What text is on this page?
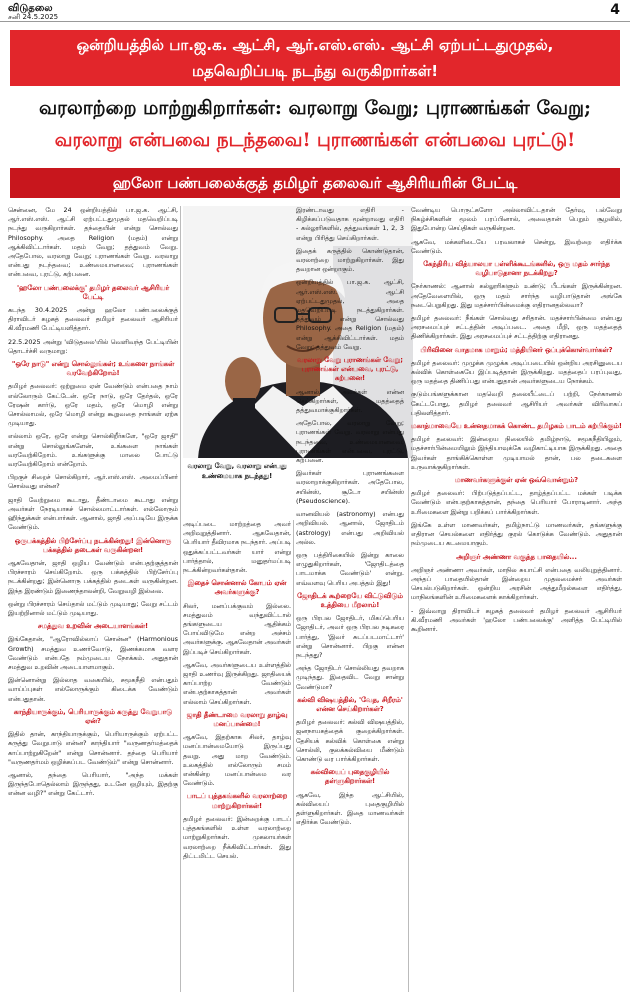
விடுதலை
சனி 24.5.2025	4
ஒன்றியத்தில் பா.ஜ.க. ஆட்சி, ஆர்.எஸ்.எஸ். ஆட்சி ஏற்பட்டதுமுதல்,
மதவெறிப்படி நடந்து வருகிறார்கள்!
வரலாற்றை மாற்றுகிறார்கள்: வரலாறு வேறு; புராணங்கள் வேறு;
வரலாறு என்பவை நடந்தவை! புராணங்கள் என்பவை புரட்டு!
ஹலோ பண்பலைக்குத் தமிழர் தலைவர் ஆசிரியரின் பேட்டி
வரலாறு வேறு, வரலாறு என்பது உண்மையாக நடந்தது!

சென்னை, மே 24 ஒன்றியத்தில் பா.ஜ.க. ஆட்சி, ஆர்.எஸ்.எஸ். ஆட்சி ஏற்பட்டதுமுதல் மதவெறிப்படி நடந்து வருகிறார்கள். தந்தையின் என்று சொல்வது Philosophy. அதை Religion (மதம்) என்று ஆக்கிவிட்டார்கள். மதம் வேறு; தத்துவம் வேறு. அதேபோல, வரலாறு வேறு; புராணங்கள் வேறு. வரலாறு என்பது நடந்தவை; உண்மையானவை; புராணங்கள் என்பவை, புரட்டு, கற்பனை.

'ஹலோ பண்பலைக்கு' தமிழர் தலைவர் ஆசிரியர் பேட்டி

கடந்த 30.4.2025 அன்று ஹலோ பண்பலைக்குத் திராவிடர் கழகத் தலைவர் தமிழர் தலைவர் ஆசிரியர் கி.வீரமணி பேட்டியளித்தார்.

22.5.2025 அன்று 'விடுதலை'யில் வெளிவந்த பேட்டியின் தொடர்ச்சி வருமாறு:

"ஒரே நாடு" என்று சொல்லுங்கள்; உங்களை நாங்கள் வரவேற்கிறோம்!

தமிழர் தலைவர்: ஒற்றுமை ஏன் வேண்டும் என்பதை நாம் எல்லோரும் கேட்டேன். ஒரே நாடு, ஒரே தேர்தல், ஒரே ரேஷன் கார்டு, ஒரே மதம், ஒரே மொழி என்று சொல்லாமல், ஒரே மொழி என்று கூறுவதை நாங்கள் ஏற்க முடியாது.

எல்லாம் ஒரே, ஒரே என்று சொல்கிறீர்களே, "ஒரே ஜாதி" என்று சொல்லுங்களேன், உங்களை நாங்கள் வரவேற்கிறோம். உங்களுக்கு மாலை போட்டு வரவேற்கிறோம் என்றோம்.

பிறகுச் சிறைச் சொல்கிறார், ஆர்.எஸ்.எஸ். அமைப்பினர் சொல்வது என்ன?

ஜாதி வேற்றுமை கூடாது, தீண்டாமை கூடாது என்று அவர்கள் நேரடியாகச் சொல்லமாட்டார்கள். எல்லோரும் ஹிந்துக்கள் என்பார்கள். ஆனால், ஜாதி அப்படியே இருக்க வேண்டும்.

ஒருபக்கத்தில் பிற்சேர்ப்பு நடக்கின்றது! இன்னொரு பக்கத்தில் தடைகள் வருகின்றன!

ஆகவேதான், ஜாதி ஒழிய வேண்டும் என்பதற்குத்தான் பிரச்சாரம் செய்கிறோம். ஒரு பக்கத்தில் பிற்சேர்ப்பு நடக்கின்றது; இன்னொரு பக்கத்தில் தடைகள் வருகின்றன. இந்த இரண்டும் இணைந்தாலன்றி, வேறுவழி இல்லை.

ஒன்று பிரச்சாரம் செய்தால் மட்டும் முடியாது; வேறு சட்டம் இயற்றினால் மட்டும் முடியாது.

சமத்துவ உறவின் அடையாளங்கள்!

இங்கேதான், "ஆரோவில்லாப் சொன்ன" (Harmonious Growth) சமத்துவ உணர்வோடு, இணக்கமாக வளர வேண்டும் என்பதே நம்முடைய நோக்கம். அதுதான் சமத்துவ உறவின் அடையாளமாகும்.

இன்னொன்று இல்லாத வகையில், சமூகநீதி என்பதும் வாய்ப்புகள் எல்லோருக்கும் கிடைக்க வேண்டும் என்பதுதான்.

காந்தியாருக்கும், பெரியாருக்கும் கருத்து வேறுபாடு ஏன்?

இதில் தான், காந்தியாருக்கும், பெரியாருக்கும் ஏற்பட்ட கருத்து வேறுபாடு என்ன? காந்தியார் "வருணதர்மத்தைக் காப்பாற்றுகிறேன்" என்று சொன்னார். தந்தை பெரியார் "வருணதர்மம் ஒழிக்கப்பட வேண்டும்" என்று சொன்னார்.

ஆனால், தந்தை பெரியார், "அந்த மக்கள் இருந்தபோதெல்லாம் இருந்தது, உடனே ஒழியும், இதற்கு என்ன வழி?" என்று கேட்டார்.

அடிப்படை மாற்றத்தை அவர் அறிவுறுத்தினார். ஆகவேதான், பெரியார் தீவிரமாக நடந்தார். அப்படி ஒதுக்கப்பட்டவர்கள் யார் என்று பார்த்தால், மனுதர்மப்படி நடக்கின்றவர்கள்தான்.

இதைச் சொன்னால் கோபம் ஏன் அவர்களுக்கு?

சிலர், மனப்பக்குவம் இல்லை. சமத்துவம் வந்துவிட்டால் தங்களுடைய ஆதிக்கம் போய்விடுமே என்ற அச்சம் அவர்களுக்கு. ஆகவேதான் அவர்கள் இப்படிச் செய்கிறார்கள்.

ஆகவே, அவர்களுடைய உள்ளத்தில் ஜாதி உணர்வு இருக்கிறது. ஜாதியைக் காப்பாற்ற வேண்டும் என்பதற்காகத்தான் அவர்கள் எல்லாம் செய்கிறார்கள்.

ஜாதி தீண்டாமை வரலாறு தாழ்வு மனப்பான்மை!

ஆகவே, இதற்காக சிலர், தாழ்வு மனப்பான்மையோடு இருப்பது தவறு. அது மாற வேண்டும். உலகத்தில் எல்லோரும் சமம் என்கின்ற மனப்பான்மை வர வேண்டும்.

பாடப் புத்தகங்களில் வரலாற்றை மாற்றுகிறார்கள்!

தமிழர் தலைவர்: இன்றைக்கு பாடப் புத்தகங்களில் உள்ள வரலாற்றை மாற்றுகிறார்கள். முகலாயர்கள் வரலாற்றை நீக்கிவிட்டார்கள். இது திட்டமிட்ட செயல்.

இரண்டாவது எதிரி - கிழிக்கப்படுவதாக மூன்றாவது எதிரி - கல்லூரிகளில், தத்துவங்கள் 1, 2, 3 என்று பிரித்து செய்கிறார்கள்.

இதைக் கருத்தில் கொண்டுதான், வரலாற்றை மாற்றுகிறார்கள். இது தவறான ஒன்றாகும்.

ஒன்றியத்தில் பா.ஜ.க. ஆட்சி, ஆர்.எஸ்.எஸ். ஆட்சி ஏற்பட்டதுமுதல், அதை மதவெறிப்படி நடத்துகிறார்கள். தத்துவம் என்று சொல்வது Philosophy. அதை Religion (மதம்) என்று ஆக்கிவிட்டார்கள். மதம் வேறு; தத்துவம் வேறு.

வரலாறு வேறு புராணங்கள் வேறு; புராணங்கள் என்பவை, புரட்டு, கற்பனை!

ஆனால், அவர்கள் என்ன செய்கிறார்கள், மதத்தைத் தத்துவமாக்குகிறார்கள்.

அதேபோல, வரலாறு வேறு; புராணங்கள் வேறு. வரலாறு என்பது நடந்தவை, உண்மையானவை; புராணங்கள் என்பவை, புரட்டு, கற்பனை.

இவர்கள் புராணங்களை வரலாறாக்குகிறார்கள். அதேபோல, சயின்ஸ், சூடோ சயின்ஸ் (Pseudoscience).

வானவியல் (astronomy) என்பது அறிவியல். ஆனால், ஜோதிடம் (astrology) என்பது அறிவியல் அல்ல.

ஒரு பத்திரிகையில் இன்று காலை எழுதுகிறார்கள், 'ஜோதிடத்தை பாடமாக்க வேண்டும்' என்று. எவ்வளவு பெரிய அபத்தம் இது!

ஜோதிடக் கூற்றையே விட்டுவிடும் உத்தியை மீறலாம்!

ஒரு பிரபல ஜோதிடர், மிகப்பெரிய ஜோதிடர், அவர் ஒரு பிரபல நடிகரை பார்த்து, 'இவர் சுடப்படமாட்டார்' என்று சொன்னார். பிறகு என்ன நடந்தது?

அந்த ஜோதிடர் சொல்லியது தவறாக முடிந்தது. இதைவிட வேறு சான்று வேண்டுமா?

கல்வி விஷயத்தில், 'வேத, சிறீரம்' என்ன செய்கிறார்கள்?

தமிழர் தலைவர்: கல்வி விஷயத்தில், ஜனநாயகத்தைக் குறைக்கிறார்கள். தேசியக் கல்விக் கொள்கை என்று சொல்லி, குலக்கல்வியை மீண்டும் கொண்டு வர பார்க்கிறார்கள்.

கல்வியைப் புதைகுழியில் தள்ளுகிறார்கள்!

ஆகவே, இந்த ஆட்சியில், கல்வியைப் புதைகுழியில் தள்ளுகிறார்கள். இதை மாணவர்கள் எதிர்க்க வேண்டும்.

வேண்டிய பொருட்களோ அல்லாவிட்டதான் தேர்வு, பல்வேறு நிகழ்ச்சிகளின் மூலம் பரப்பினால், அவைதான் பெறும் சூழலில், இதுபோன்ற செய்திகள் வருகின்றன.

ஆகவே, மக்களிடையே பரவலாகச் சென்று, இவற்றை எதிர்க்க வேண்டும்.

கேந்திரிய வித்யாலயா பள்ளிக்கூடங்களில், ஒரு மதம் சார்ந்த வழிபாடுதானா நடக்கிறது?

நேர்காணல்: ஆனால் கல்லூரிகளும் உண்டு; பீடங்கள் இருக்கின்றன. அதேவேளையில், ஒரு மதம் சார்ந்த வழிபாடுதான் அங்கே நடைபெறுகிறது. இது மதச்சார்பின்மைக்கு எதிரானதல்லவா?

தமிழர் தலைவர்: நீங்கள் சொல்வது சரிதான். மதச்சார்பின்மை என்பது அரசமைப்புச் சட்டத்தின் அடிப்படை. அதை மீறி, ஒரு மதத்தைத் திணிக்கிறார்கள். இது அரசமைப்புச் சட்டத்திற்கு எதிரானது.

பிரிவினை வாதமாக மாறும்; மத்தியினர் ஒப்புக்கொள்வார்கள்?

தமிழர் தலைவர்: முழுக்க முழுக்க அடிப்படையில் ஒன்றிய அரசினுடைய கல்விக் கொள்கையே இப்படித்தான் இருக்கிறது. மதத்தைப் பரப்புவது, ஒரு மதத்தை திணிப்பது என்பதுதான் அவர்களுடைய நோக்கம்.

குடும்பங்களுக்கான மதவெறி தலையீட்டைப் பற்றி, நேர்காணல் கேட்டபோது, தமிழர் தலைவர் ஆசிரியர் அவர்கள் விரிவாகப் பதிலளித்தார்.

மகாத்மாவையே உன்னதமாகக் கொண்ட தமிழகம் பாடம் கற்பிக்கும்!

தமிழர் தலைவர்: இன்றைய நிலையில் தமிழ்நாடு, சமூகநீதியிலும், மதச்சார்பின்மையிலும் இந்தியாவுக்கே வழிகாட்டியாக இருக்கிறது. அதை இவர்கள் தாங்கிக்கொள்ள முடியாமல் தான், பல தடைகளை உருவாக்குகிறார்கள்.

மாணவர்களுக்குள் ஏன் ஒவ்வொன்றும்?

தமிழர் தலைவர்: பிற்படுத்தப்பட்ட, தாழ்த்தப்பட்ட மக்கள் படிக்க வேண்டும் என்பதற்காகத்தான், தந்தை பெரியார் போராடினார். அந்த உரிமைகளை இன்று பறிக்கப் பார்க்கிறார்கள்.

இங்கே உள்ள மாணவர்கள், தமிழ்நாட்டு மாணவர்கள், தங்களுக்கு எதிரான செயல்களை எதிர்த்து குரல் கொடுக்க வேண்டும். அதுதான் நம்முடைய கடமையாகும்.

அறிஞர் அண்ணா வகுத்த பாதையில்...

அறிஞர் அண்ணா அவர்கள், மாநில சுயாட்சி என்பதை வலியுறுத்தினார். அந்தப் பாதையில்தான் இன்றைய முதலமைச்சர் அவர்கள் செயல்படுகிறார்கள். ஒன்றிய அரசின் அத்துமீறல்களை எதிர்த்து, மாநிலங்களின் உரிமைகளைக் காக்கிறார்கள்.

- இவ்வாறு திராவிடர் கழகத் தலைவர் தமிழர் தலைவர் ஆசிரியர் கி.வீரமணி அவர்கள் 'ஹலோ பண்பலைக்கு' அளித்த பேட்டியில் கூறினார்.
